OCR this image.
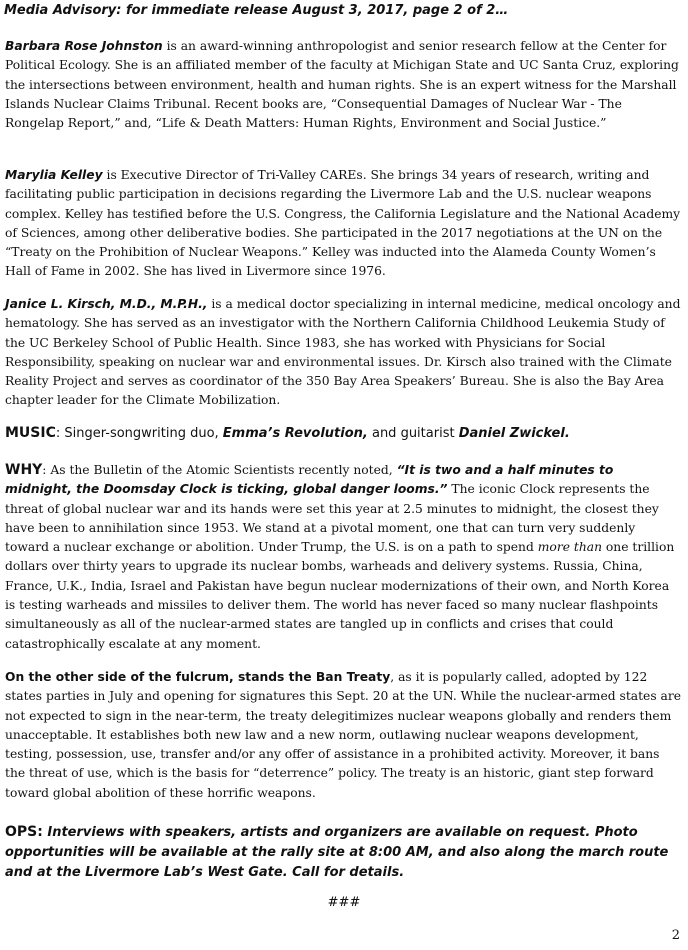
Media Advisory: for immediate release August 3, 2017, page 2 of 2…

Barbara Rose Johnston is an award-winning anthropologist and senior research fellow at the Center for Political Ecology. She is an affiliated member of the faculty at Michigan State and UC Santa Cruz, exploring the intersections between environment, health and human rights. She is an expert witness for the Marshall Islands Nuclear Claims Tribunal. Recent books are, “Consequential Damages of Nuclear War - The Rongelap Report,” and, “Life & Death Matters: Human Rights, Environment and Social Justice.”

Marylia Kelley is Executive Director of Tri-Valley CAREs. She brings 34 years of research, writing and facilitating public participation in decisions regarding the Livermore Lab and the U.S. nuclear weapons complex. Kelley has testified before the U.S. Congress, the California Legislature and the National Academy of Sciences, among other deliberative bodies. She participated in the 2017 negotiations at the UN on the “Treaty on the Prohibition of Nuclear Weapons.” Kelley was inducted into the Alameda County Women’s Hall of Fame in 2002. She has lived in Livermore since 1976.

Janice L. Kirsch, M.D., M.P.H., is a medical doctor specializing in internal medicine, medical oncology and hematology. She has served as an investigator with the Northern California Childhood Leukemia Study of the UC Berkeley School of Public Health. Since 1983, she has worked with Physicians for Social Responsibility, speaking on nuclear war and environmental issues. Dr. Kirsch also trained with the Climate Reality Project and serves as coordinator of the 350 Bay Area Speakers’ Bureau. She is also the Bay Area chapter leader for the Climate Mobilization.

MUSIC: Singer-songwriting duo, Emma’s Revolution, and guitarist Daniel Zwickel.

WHY: As the Bulletin of the Atomic Scientists recently noted, “It is two and a half minutes to midnight, the Doomsday Clock is ticking, global danger looms.” The iconic Clock represents the threat of global nuclear war and its hands were set this year at 2.5 minutes to midnight, the closest they have been to annihilation since 1953. We stand at a pivotal moment, one that can turn very suddenly toward a nuclear exchange or abolition. Under Trump, the U.S. is on a path to spend more than one trillion dollars over thirty years to upgrade its nuclear bombs, warheads and delivery systems. Russia, China, France, U.K., India, Israel and Pakistan have begun nuclear modernizations of their own, and North Korea is testing warheads and missiles to deliver them. The world has never faced so many nuclear flashpoints simultaneously as all of the nuclear-armed states are tangled up in conflicts and crises that could catastrophically escalate at any moment.

On the other side of the fulcrum, stands the Ban Treaty, as it is popularly called, adopted by 122 states parties in July and opening for signatures this Sept. 20 at the UN. While the nuclear-armed states are not expected to sign in the near-term, the treaty delegitimizes nuclear weapons globally and renders them unacceptable. It establishes both new law and a new norm, outlawing nuclear weapons development, testing, possession, use, transfer and/or any offer of assistance in a prohibited activity. Moreover, it bans the threat of use, which is the basis for “deterrence” policy. The treaty is an historic, giant step forward toward global abolition of these horrific weapons.

OPS: Interviews with speakers, artists and organizers are available on request. Photo opportunities will be available at the rally site at 8:00 AM, and also along the march route and at the Livermore Lab’s West Gate. Call for details.

###
2
